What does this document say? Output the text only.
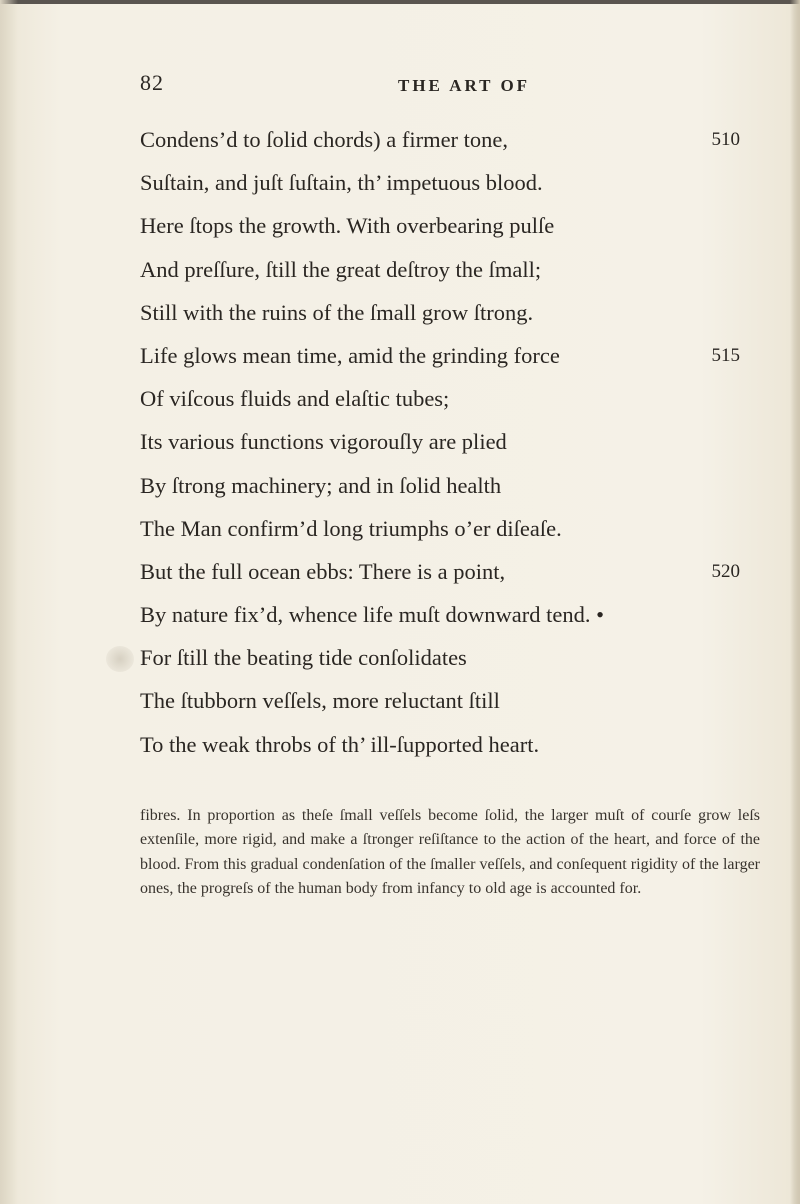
82	THE ART OF
Condens’d to ſolid chords) a firmer tone,	510
Suſtain, and juſt ſuſtain, th’ impetuous blood.
Here ſtops the growth. With overbearing pulſe
And preſſure, ſtill the great deſtroy the ſmall;
Still with the ruins of the ſmall grow ſtrong.
Life glows mean time, amid the grinding force	515
Of viſcous fluids and elaſtic tubes;
Its various functions vigorouſly are plied
By ſtrong machinery; and in ſolid health
The Man confirm’d long triumphs o’er diſeaſe.
But the full ocean ebbs: There is a point,	520
By nature fix’d, whence life muſt downward tend. •
For ſtill the beating tide conſolidates
The ſtubborn veſſels, more reluctant ſtill
To the weak throbs of th’ ill-ſupported heart.

fibres. In proportion as theſe ſmall veſſels become ſolid, the larger muſt of courſe grow leſs extenſile, more rigid, and make a ſtronger reſiſtance to the action of the heart, and force of the blood. From this gradual condenſation of the ſmaller veſſels, and conſequent rigidity of the larger ones, the progreſs of the human body from infancy to old age is accounted for.
